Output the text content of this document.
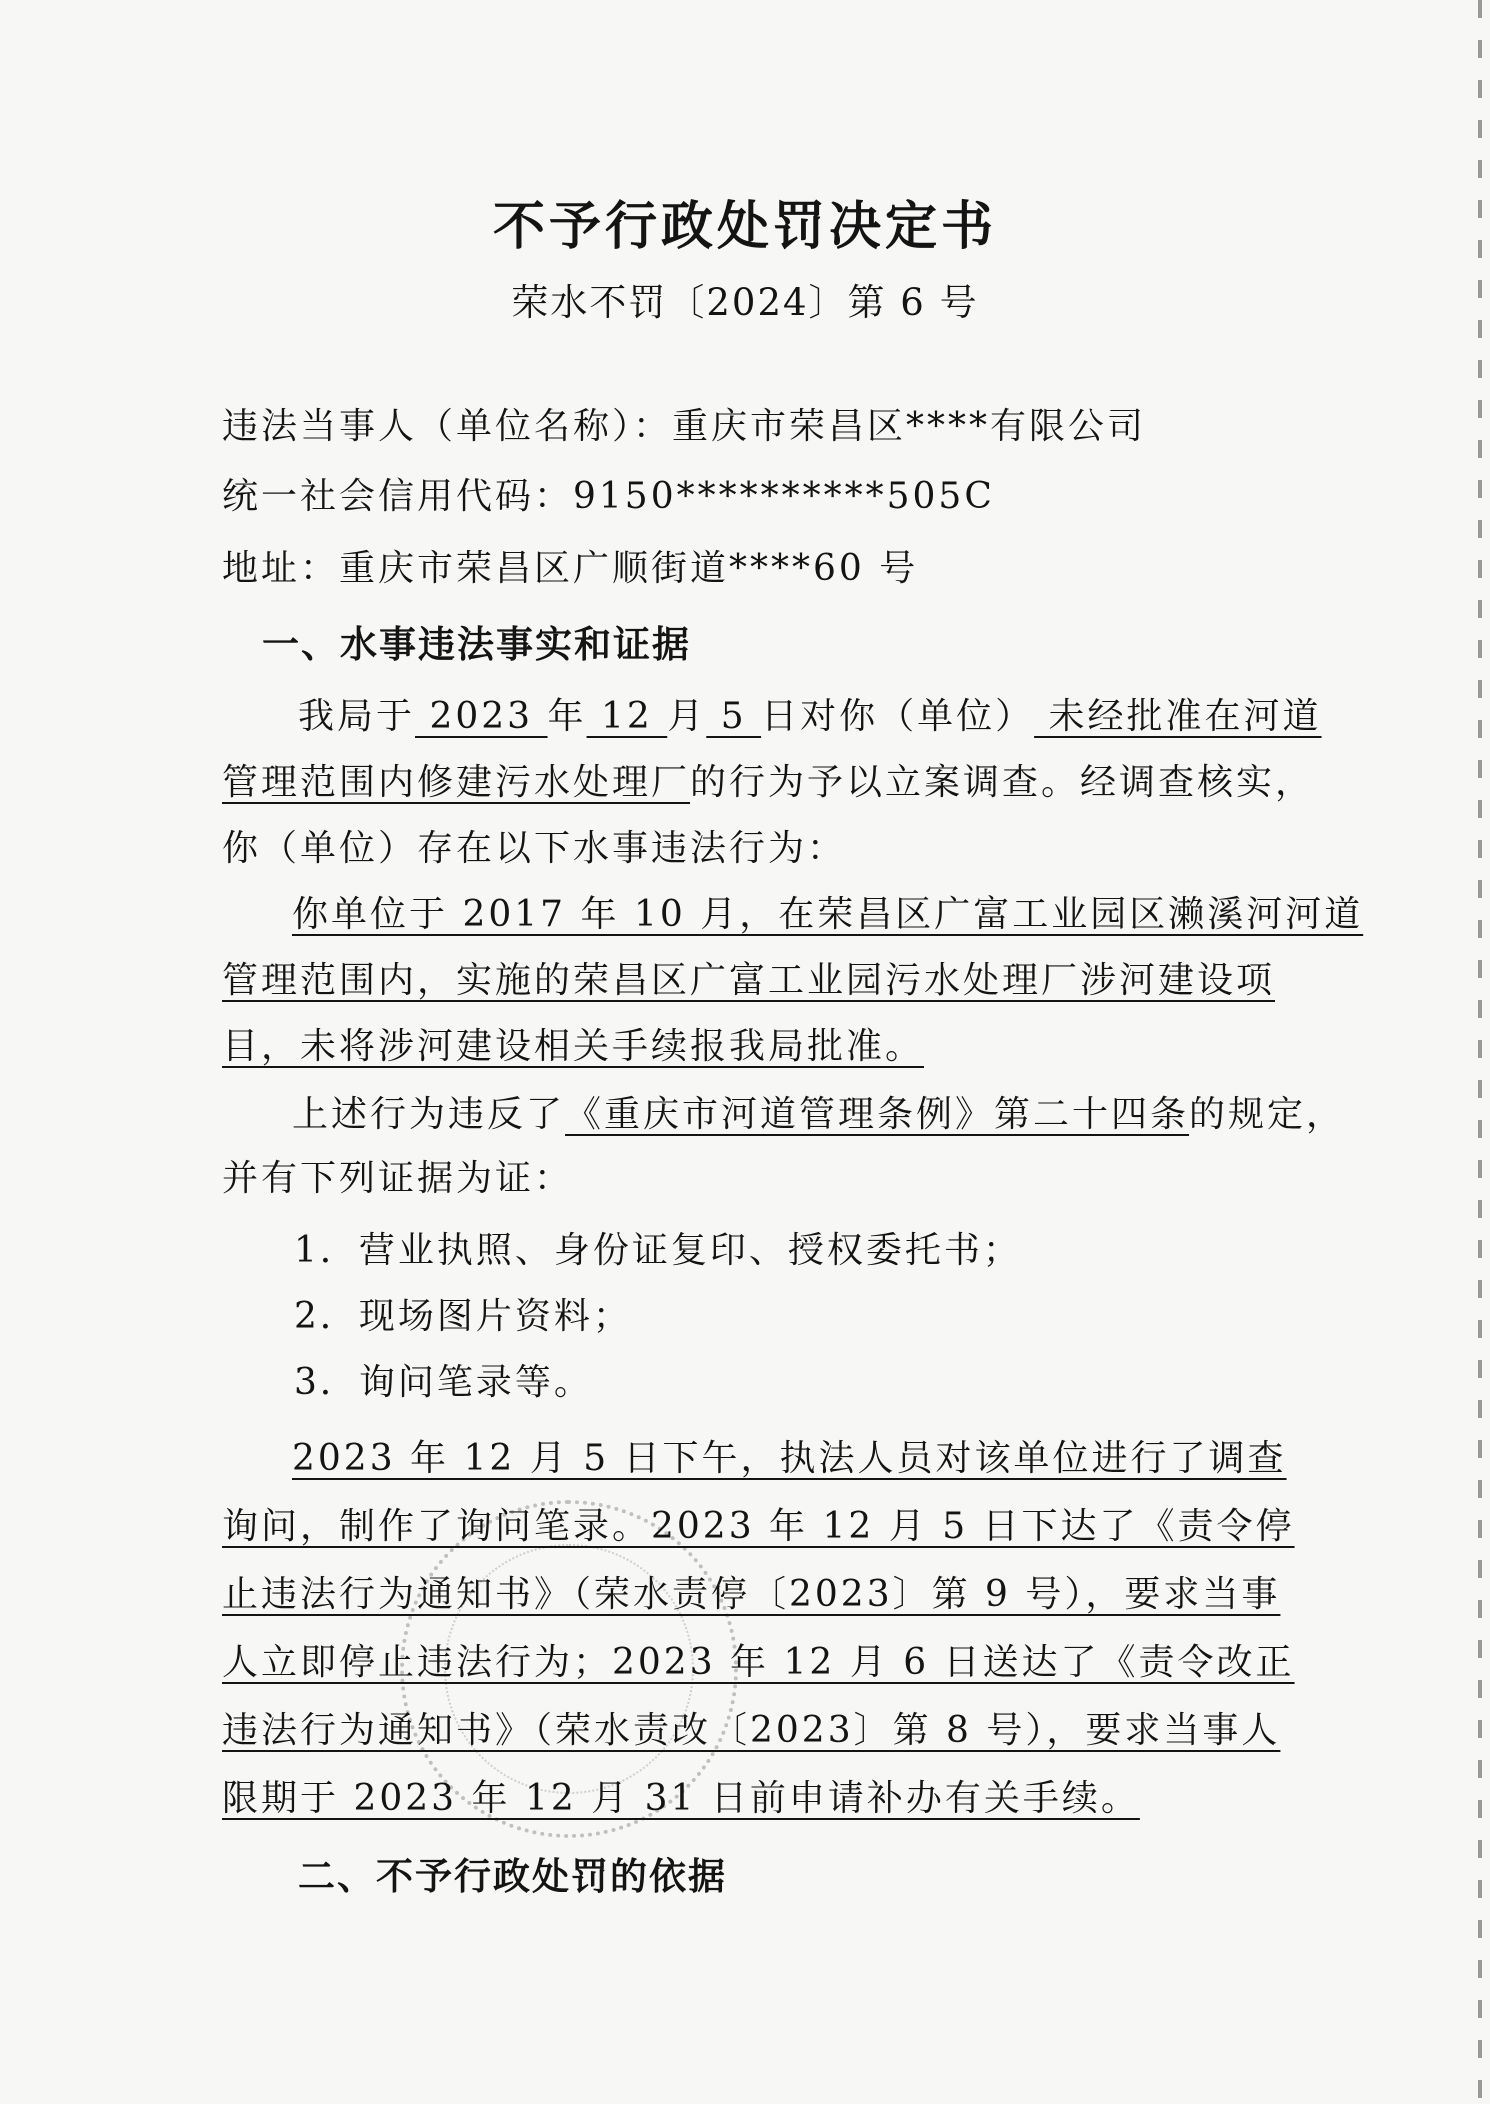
不予行政处罚决定书
荣水不罚〔2024〕第 6 号
违法当事人（单位名称）：重庆市荣昌区****有限公司
统一社会信用代码：9150**********505C
地址：重庆市荣昌区广顺街道****60 号
一、水事违法事实和证据
我局于 2023 年 12 月 5 日对你（单位） 未经批准在河道
管理范围内修建污水处理厂的行为予以立案调查。经调查核实，
你（单位）存在以下水事违法行为：
你单位于 2017 年 10 月，在荣昌区广富工业园区濑溪河河道
管理范围内，实施的荣昌区广富工业园污水处理厂涉河建设项
目，未将涉河建设相关手续报我局批准。
上述行为违反了《重庆市河道管理条例》第二十四条的规定，
并有下列证据为证：
1．营业执照、身份证复印、授权委托书；
2．现场图片资料；
3．询问笔录等。
2023 年 12 月 5 日下午，执法人员对该单位进行了调查
询问，制作了询问笔录。2023 年 12 月 5 日下达了《责令停
止违法行为通知书》（荣水责停〔2023〕第 9 号），要求当事
人立即停止违法行为；2023 年 12 月 6 日送达了《责令改正
违法行为通知书》（荣水责改〔2023〕第 8 号），要求当事人
限期于 2023 年 12 月 31 日前申请补办有关手续。
二、不予行政处罚的依据
